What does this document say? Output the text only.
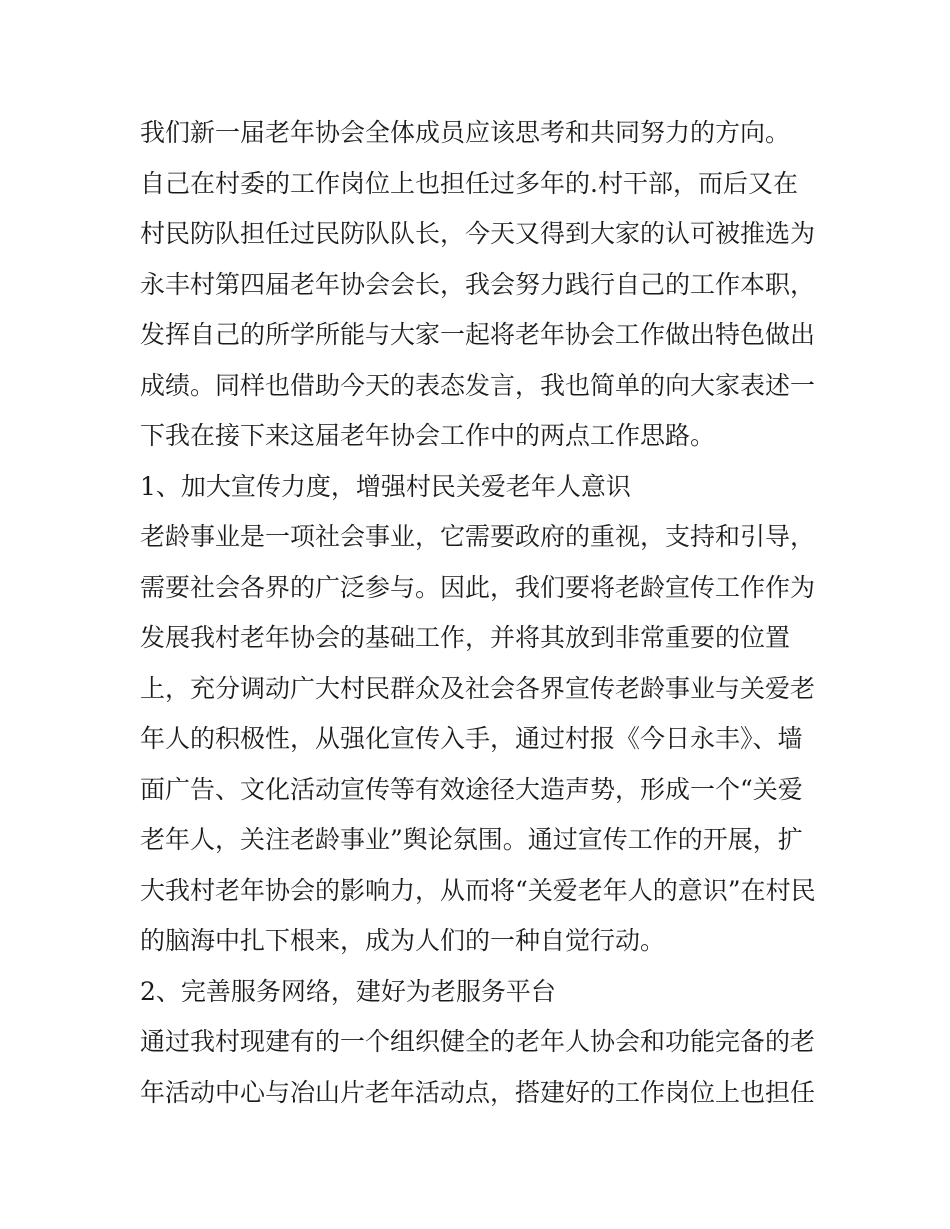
我们新一届老年协会全体成员应该思考和共同努力的方向。
自己在村委的工作岗位上也担任过多年的.村干部，而后又在
村民防队担任过民防队队长，今天又得到大家的认可被推选为
永丰村第四届老年协会会长，我会努力践行自己的工作本职，
发挥自己的所学所能与大家一起将老年协会工作做出特色做出
成绩。同样也借助今天的表态发言，我也简单的向大家表述一
下我在接下来这届老年协会工作中的两点工作思路。
1、加大宣传力度，增强村民关爱老年人意识
老龄事业是一项社会事业，它需要政府的重视，支持和引导，
需要社会各界的广泛参与。因此，我们要将老龄宣传工作作为
发展我村老年协会的基础工作，并将其放到非常重要的位置
上，充分调动广大村民群众及社会各界宣传老龄事业与关爱老
年人的积极性，从强化宣传入手，通过村报《今日永丰》、墙
面广告、文化活动宣传等有效途径大造声势，形成一个“关爱
老年人，关注老龄事业”舆论氛围。通过宣传工作的开展，扩
大我村老年协会的影响力，从而将“关爱老年人的意识”在村民
的脑海中扎下根来，成为人们的一种自觉行动。
2、完善服务网络，建好为老服务平台
通过我村现建有的一个组织健全的老年人协会和功能完备的老
年活动中心与冶山片老年活动点，搭建好的工作岗位上也担任
